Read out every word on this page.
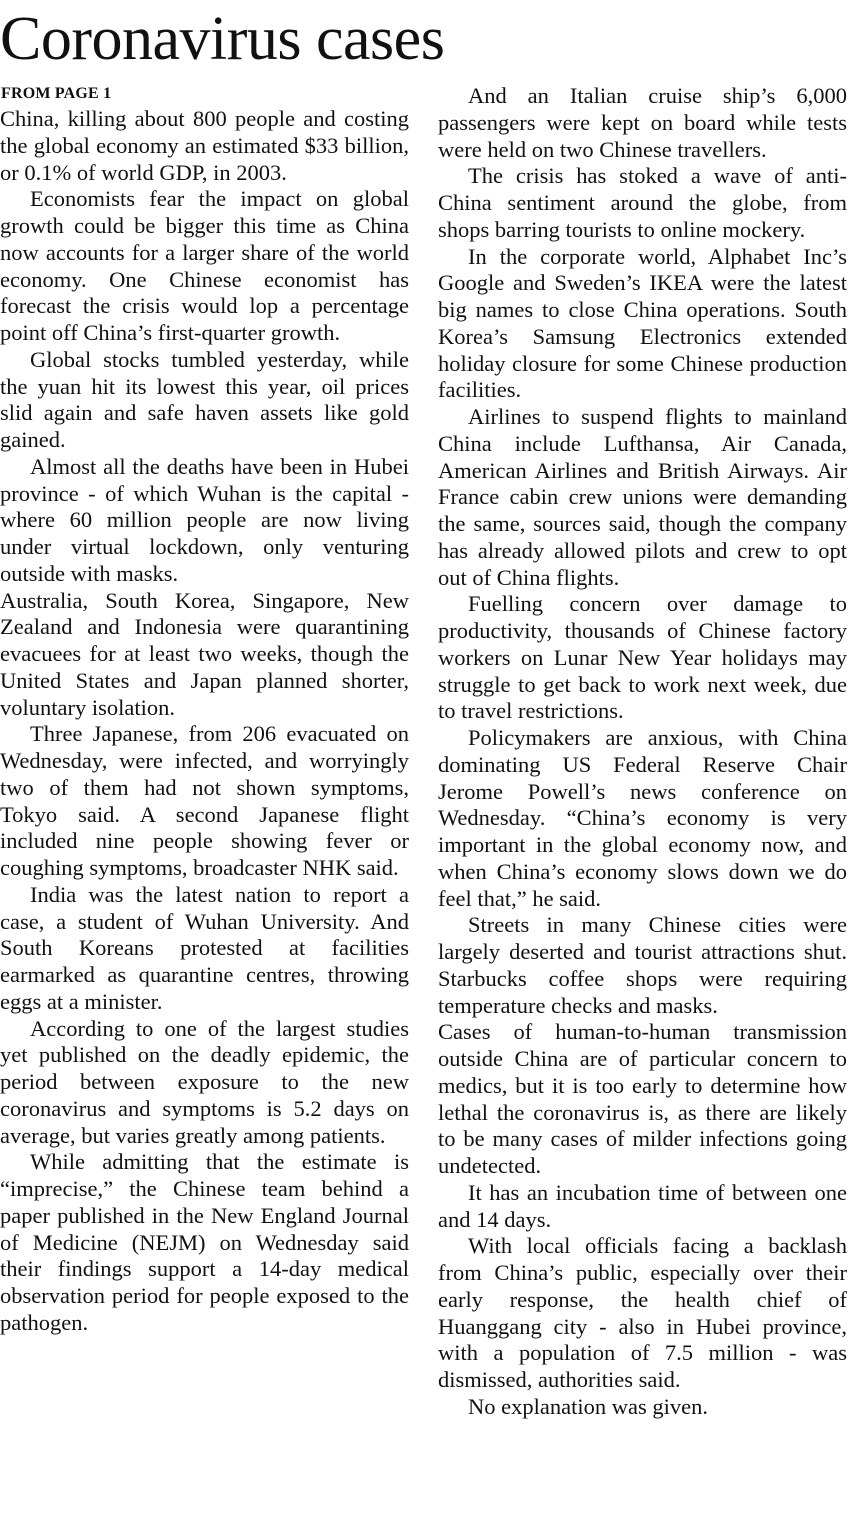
Coronavirus cases
FROM PAGE 1

China, killing about 800 people and costing the global economy an estimated $33 billion, or 0.1% of world GDP, in 2003.

Economists fear the impact on global growth could be bigger this time as China now accounts for a larger share of the world economy. One Chinese economist has forecast the crisis would lop a percentage point off China’s first-quarter growth.

Global stocks tumbled yesterday, while the yuan hit its lowest this year, oil prices slid again and safe haven assets like gold gained.

Almost all the deaths have been in Hubei province - of which Wuhan is the capital - where 60 million people are now living under virtual lockdown, only venturing outside with masks.

Australia, South Korea, Singapore, New Zealand and Indonesia were quarantining evacuees for at least two weeks, though the United States and Japan planned shorter, voluntary isolation.

Three Japanese, from 206 evacuated on Wednesday, were infected, and worryingly two of them had not shown symptoms, Tokyo said. A second Japanese flight included nine people showing fever or coughing symptoms, broadcaster NHK said.

India was the latest nation to report a case, a student of Wuhan University. And South Koreans protested at facilities earmarked as quarantine centres, throwing eggs at a minister.

According to one of the largest studies yet published on the deadly epidemic, the period between exposure to the new coronavirus and symptoms is 5.2 days on average, but varies greatly among patients.

While admitting that the estimate is “imprecise,” the Chinese team behind a paper published in the New England Journal of Medicine (NEJM) on Wednesday said their findings support a 14-day medical observation period for people exposed to the pathogen.

And an Italian cruise ship’s 6,000 passengers were kept on board while tests were held on two Chinese travellers.

The crisis has stoked a wave of anti-China sentiment around the globe, from shops barring tourists to online mockery.

In the corporate world, Alphabet Inc’s Google and Sweden’s IKEA were the latest big names to close China operations. South Korea’s Samsung Electronics extended holiday closure for some Chinese production facilities.

Airlines to suspend flights to mainland China include Lufthansa, Air Canada, American Airlines and British Airways. Air France cabin crew unions were demanding the same, sources said, though the company has already allowed pilots and crew to opt out of China flights.

Fuelling concern over damage to productivity, thousands of Chinese factory workers on Lunar New Year holidays may struggle to get back to work next week, due to travel restrictions.

Policymakers are anxious, with China dominating US Federal Reserve Chair Jerome Powell’s news conference on Wednesday. “China’s economy is very important in the global economy now, and when China’s economy slows down we do feel that,” he said.

Streets in many Chinese cities were largely deserted and tourist attractions shut. Starbucks coffee shops were requiring temperature checks and masks.

Cases of human-to-human transmission outside China are of particular concern to medics, but it is too early to determine how lethal the coronavirus is, as there are likely to be many cases of milder infections going undetected.

It has an incubation time of between one and 14 days.

With local officials facing a backlash from China’s public, especially over their early response, the health chief of Huanggang city - also in Hubei province, with a population of 7.5 million - was dismissed, authorities said.

No explanation was given.
